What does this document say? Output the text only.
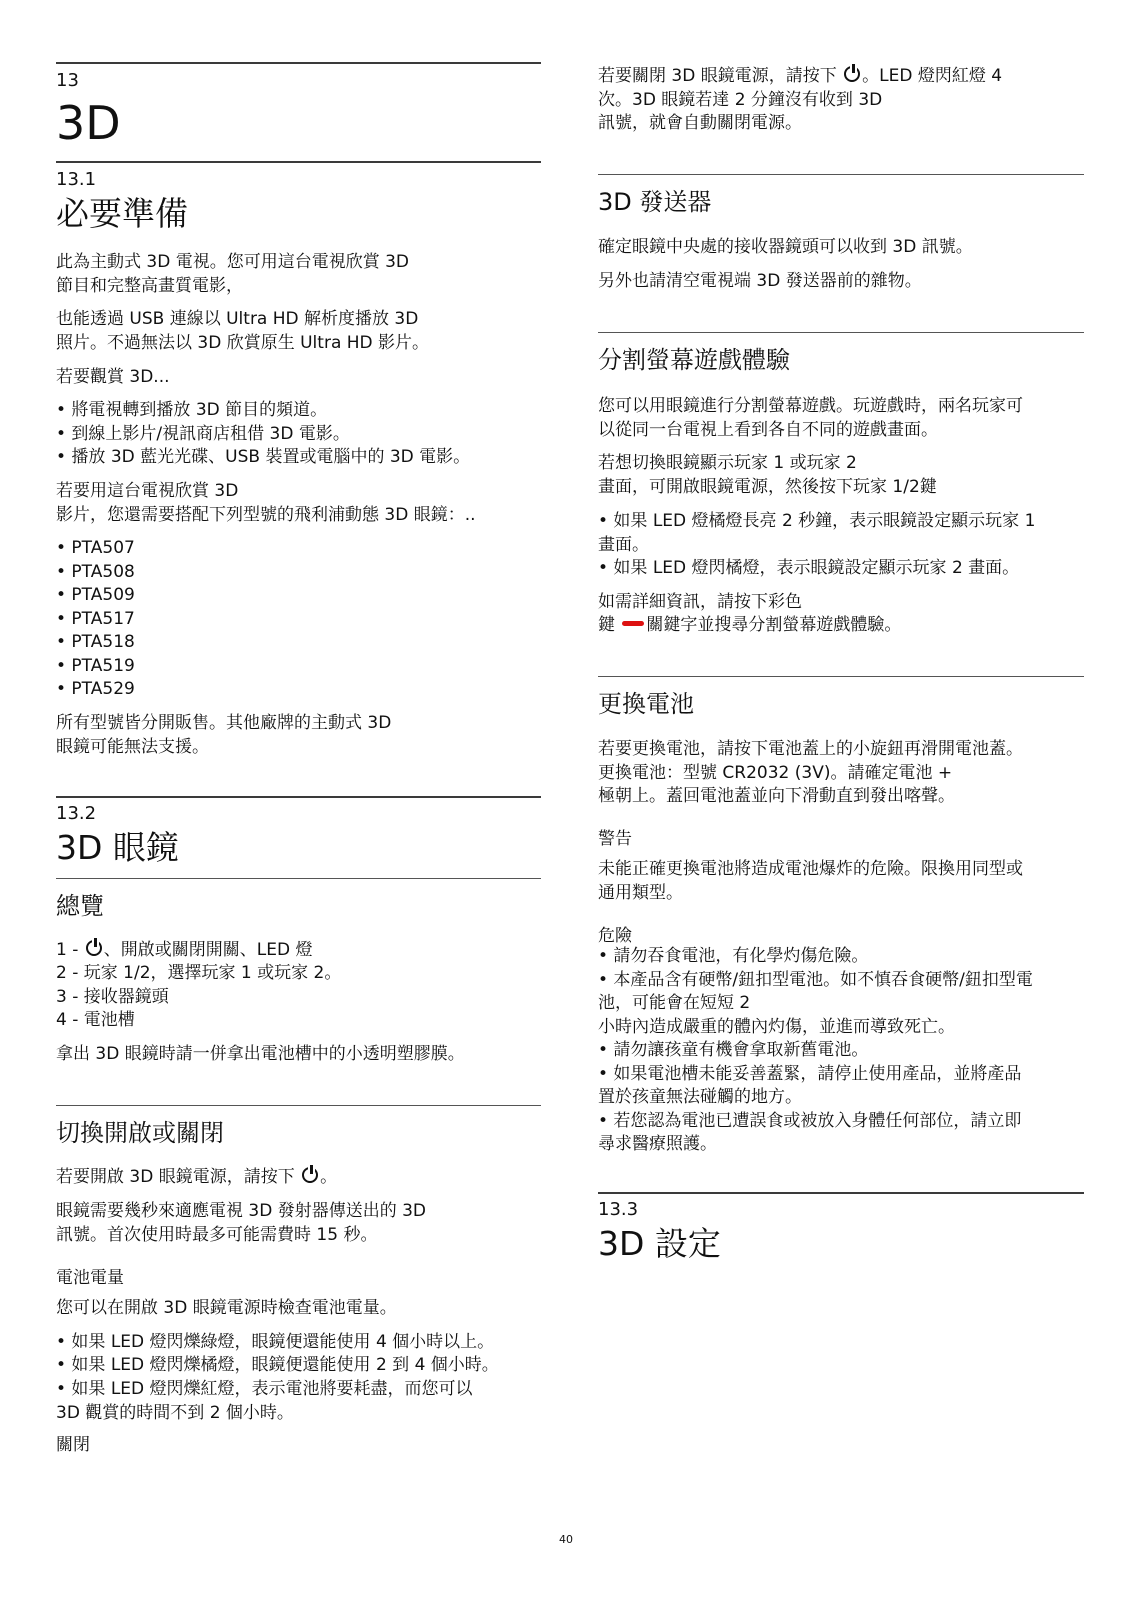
13
3D
13.1
必要準備
此為主動式 3D 電視。您可用這台電視欣賞 3D
節目和完整高畫質電影，
也能透過 USB 連線以 Ultra HD 解析度播放 3D
照片。不過無法以 3D 欣賞原生 Ultra HD 影片。
若要觀賞 3D...
• 將電視轉到播放 3D 節目的頻道。
• 到線上影片/視訊商店租借 3D 電影。
• 播放 3D 藍光光碟、USB 裝置或電腦中的 3D 電影。
若要用這台電視欣賞 3D
影片，您還需要搭配下列型號的飛利浦動態 3D 眼鏡：..
• PTA507
• PTA508
• PTA509
• PTA517
• PTA518
• PTA519
• PTA529
所有型號皆分開販售。其他廠牌的主動式 3D
眼鏡可能無法支援。
13.2
3D 眼鏡
總覽
1 - 、開啟或關閉開關、LED 燈
2 - 玩家 1/2，選擇玩家 1 或玩家 2。
3 - 接收器鏡頭
4 - 電池槽
拿出 3D 眼鏡時請一併拿出電池槽中的小透明塑膠膜。
切換開啟或關閉
若要開啟 3D 眼鏡電源，請按下 。
眼鏡需要幾秒來適應電視 3D 發射器傳送出的 3D
訊號。首次使用時最多可能需費時 15 秒。
電池電量
您可以在開啟 3D 眼鏡電源時檢查電池電量。
• 如果 LED 燈閃爍綠燈，眼鏡便還能使用 4 個小時以上。
• 如果 LED 燈閃爍橘燈，眼鏡便還能使用 2 到 4 個小時。
• 如果 LED 燈閃爍紅燈，表示電池將要耗盡，而您可以
3D 觀賞的時間不到 2 個小時。
關閉
若要關閉 3D 眼鏡電源，請按下 。LED 燈閃紅燈 4
次。3D 眼鏡若達 2 分鐘沒有收到 3D
訊號，就會自動關閉電源。
3D 發送器
確定眼鏡中央處的接收器鏡頭可以收到 3D 訊號。
另外也請清空電視端 3D 發送器前的雜物。
分割螢幕遊戲體驗
您可以用眼鏡進行分割螢幕遊戲。玩遊戲時，兩名玩家可
以從同一台電視上看到各自不同的遊戲畫面。
若想切換眼鏡顯示玩家 1 或玩家 2
畫面，可開啟眼鏡電源，然後按下玩家 1/2鍵
• 如果 LED 燈橘燈長亮 2 秒鐘，表示眼鏡設定顯示玩家 1
畫面。
• 如果 LED 燈閃橘燈，表示眼鏡設定顯示玩家 2 畫面。
如需詳細資訊，請按下彩色
鍵 關鍵字並搜尋分割螢幕遊戲體驗。
更換電池
若要更換電池，請按下電池蓋上的小旋鈕再滑開電池蓋。
更換電池：型號 CR2032 (3V)。請確定電池 +
極朝上。蓋回電池蓋並向下滑動直到發出喀聲。
警告
未能正確更換電池將造成電池爆炸的危險。限換用同型或
通用類型。
危險
• 請勿吞食電池，有化學灼傷危險。
• 本產品含有硬幣/鈕扣型電池。如不慎吞食硬幣/鈕扣型電
池，可能會在短短 2
小時內造成嚴重的體內灼傷，並進而導致死亡。
• 請勿讓孩童有機會拿取新舊電池。
• 如果電池槽未能妥善蓋緊，請停止使用產品，並將產品
置於孩童無法碰觸的地方。
• 若您認為電池已遭誤食或被放入身體任何部位，請立即
尋求醫療照護。
13.3
3D 設定
40
